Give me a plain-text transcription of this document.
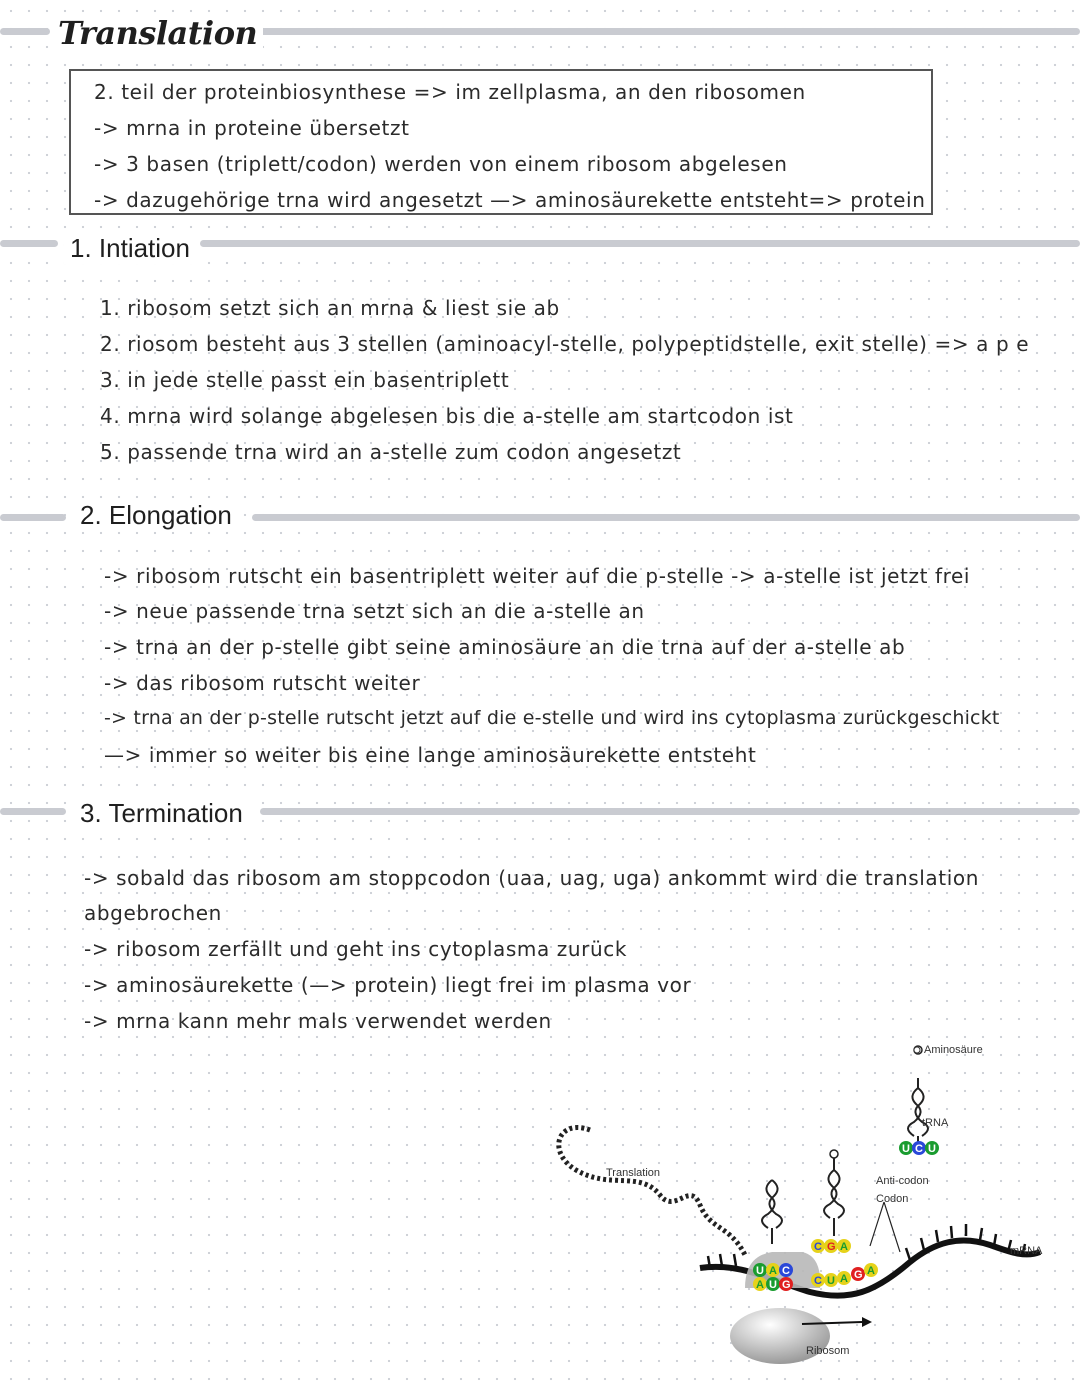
Translation

2. teil der proteinbiosynthese => im zellplasma, an den ribosomen

-> mrna in proteine übersetzt

-> 3 basen (triplett/codon) werden von einem ribosom abgelesen

-> dazugehörige trna wird angesetzt —> aminosäurekette entsteht=> protein

1. Intiation

1. ribosom setzt sich an mrna & liest sie ab

2. riosom besteht aus 3 stellen (aminoacyl-stelle, polypeptidstelle, exit stelle) => a p e

3. in jede stelle passt ein basentriplett

4. mrna wird solange abgelesen bis die a-stelle am startcodon ist

5. passende trna wird an a-stelle zum codon angesetzt

2. Elongation

-> ribosom rutscht ein basentriplett weiter auf die p-stelle -> a-stelle ist jetzt frei

-> neue passende trna setzt sich an die a-stelle an

-> trna an der p-stelle gibt seine aminosäure an die trna auf der a-stelle ab

-> das ribosom rutscht weiter

-> trna an der p-stelle rutscht jetzt auf die e-stelle und wird ins cytoplasma zurückgeschickt

—> immer so weiter bis eine lange aminosäurekette entsteht

3. Termination

-> sobald das ribosom am stoppcodon (uaa, uag, uga) ankommt wird die translation

abgebrochen

-> ribosom zerfällt und geht ins cytoplasma zurück

-> aminosäurekette (—> protein) liegt frei im plasma vor

-> mrna kann mehr mals verwendet werden

U C U
C G A
U A C
A U G C U A G A
Aminosäure
tRNA
Anti-codon
Codon
Translation
mRNA
Ribosom
